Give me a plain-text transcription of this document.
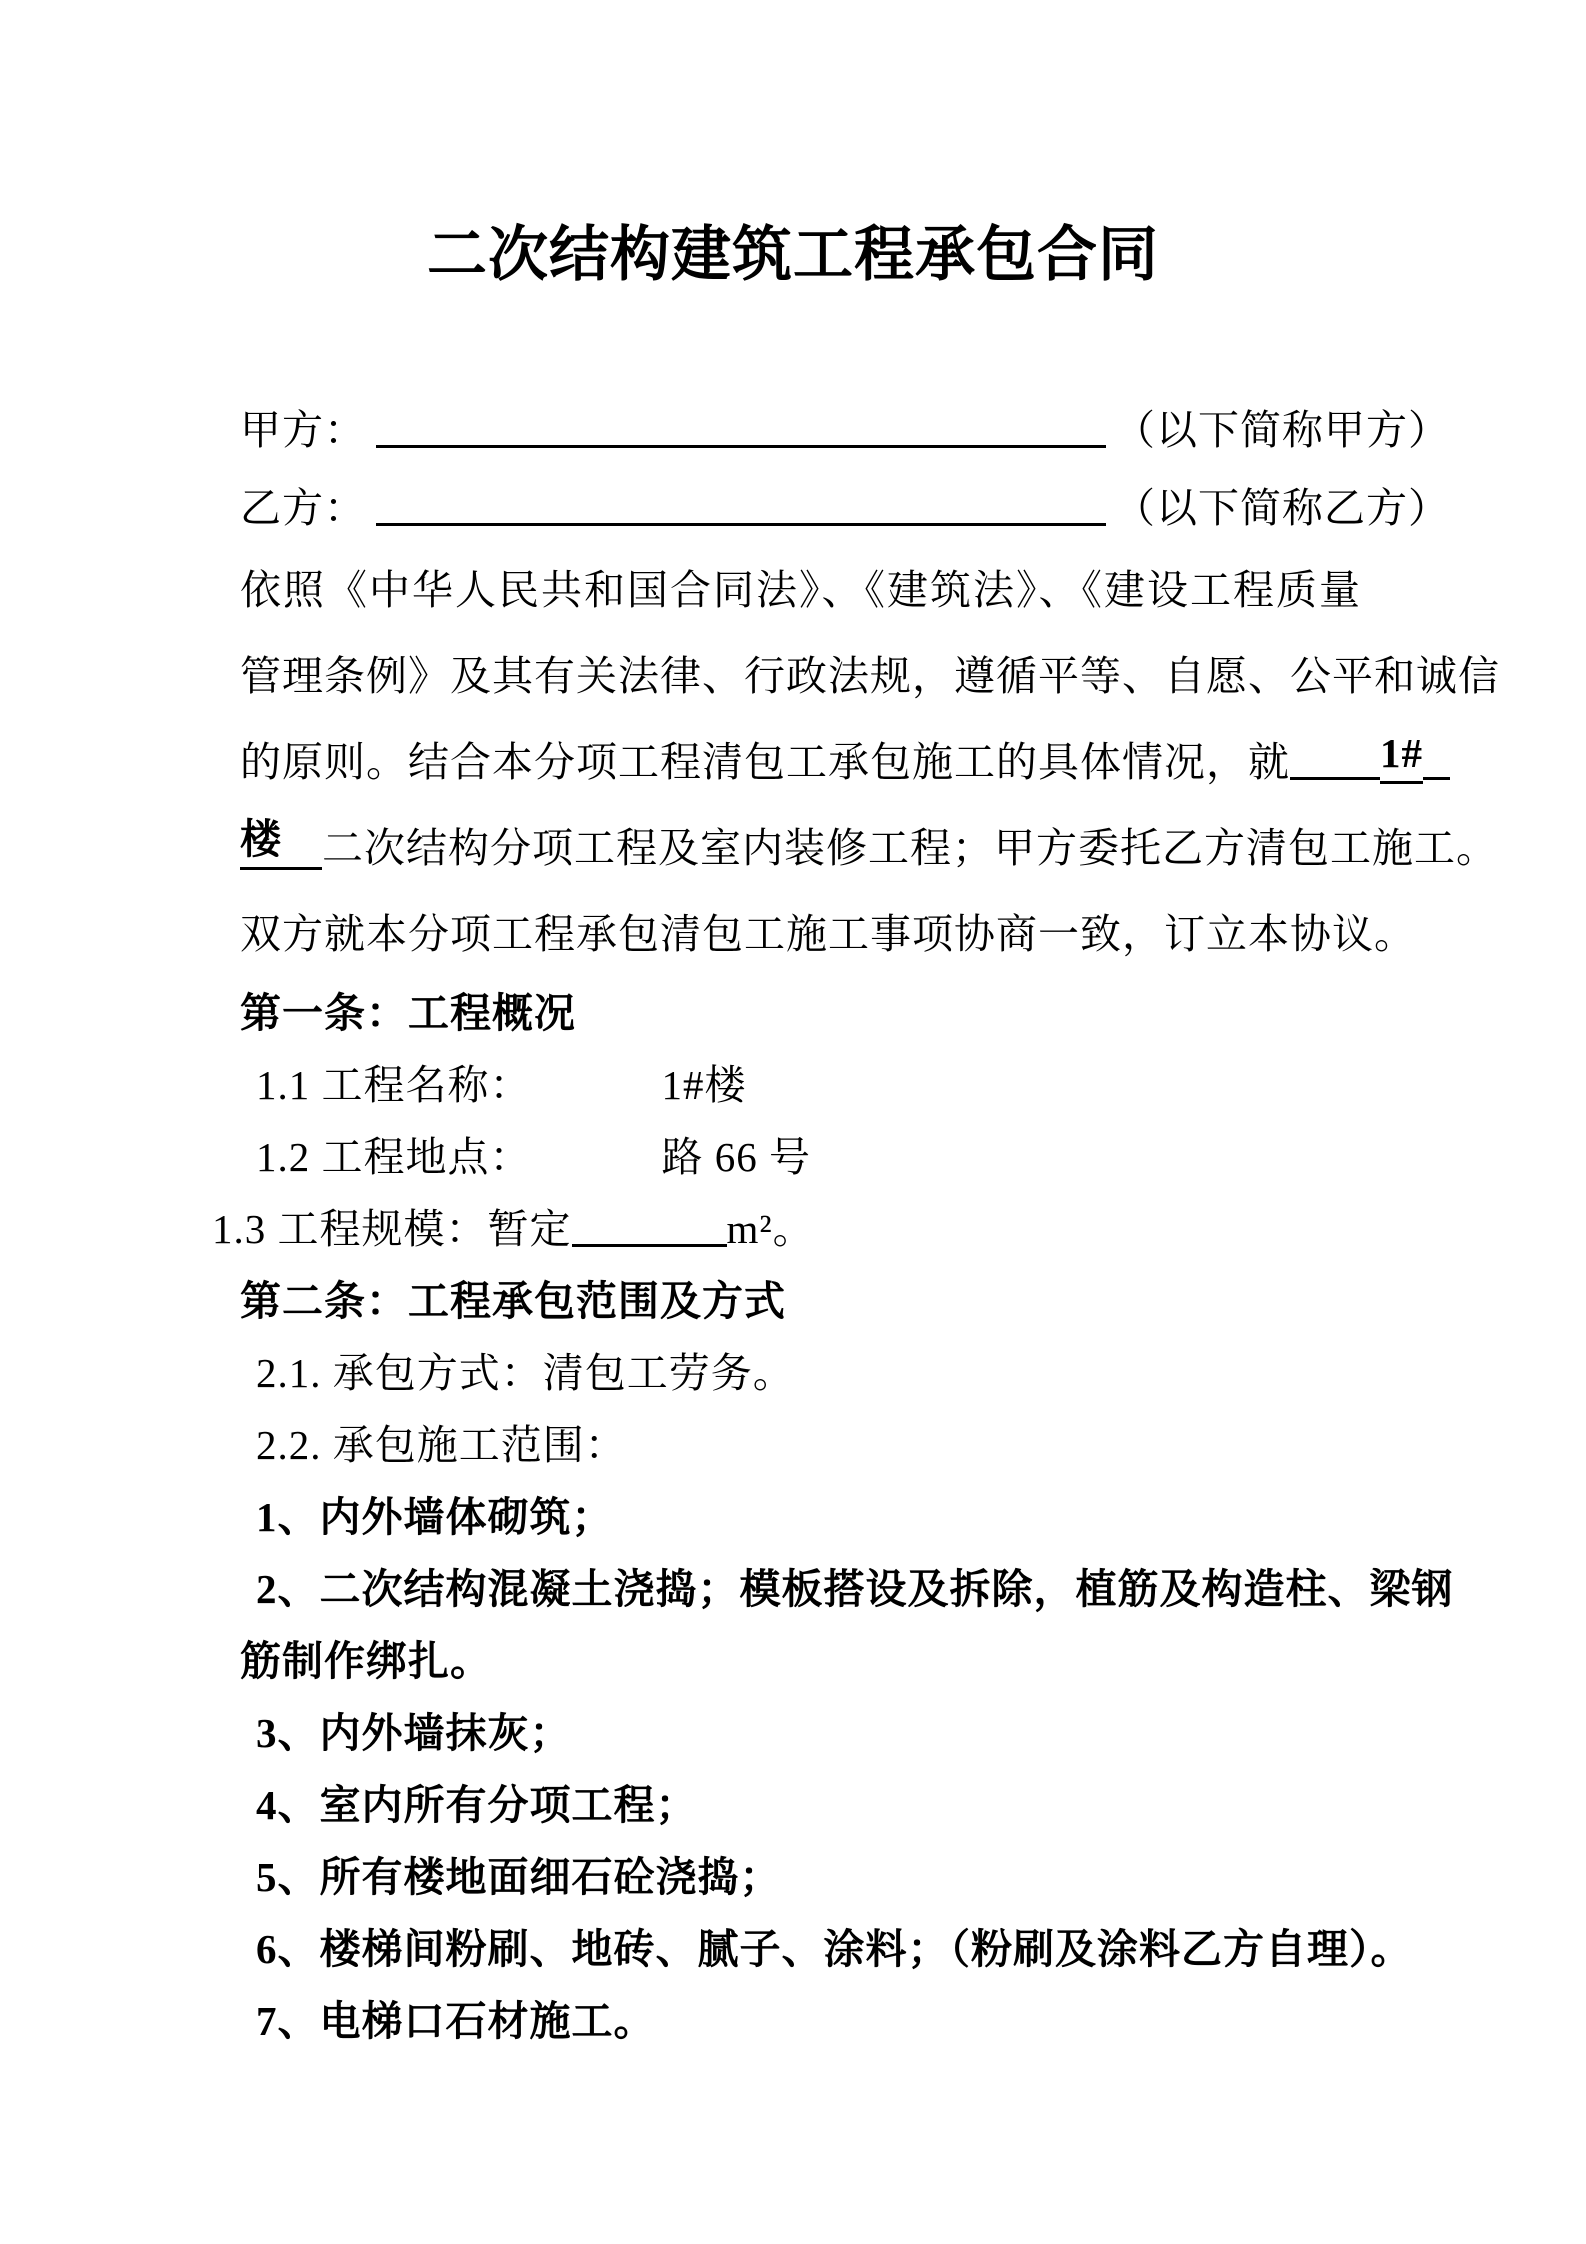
二次结构建筑工程承包合同
甲方：	（以下简称甲方）
乙方：	（以下简称乙方）
依照《中华人民共和国合同法》、《建筑法》、《建设工程质量
管理条例》及其有关法律、行政法规，遵循平等、自愿、公平和诚信
的原则。结合本分项工程清包工承包施工的具体情况，就 1#
楼 二次结构分项工程及室内装修工程；甲方委托乙方清包工施工。
双方就本分项工程承包清包工施工事项协商一致，订立本协议。
第一条：工程概况
1.1 工程名称：	1#楼
1.2 工程地点：	路 66 号
1.3 工程规模：暂定	m²。
第二条：工程承包范围及方式
2.1. 承包方式：清包工劳务。
2.2. 承包施工范围：
1、内外墙体砌筑；
2、二次结构混凝土浇捣；模板搭设及拆除，植筋及构造柱、梁钢
筋制作绑扎。
3、内外墙抹灰；
4、室内所有分项工程；
5、所有楼地面细石砼浇捣；
6、楼梯间粉刷、地砖、腻子、涂料；（粉刷及涂料乙方自理）。
7、电梯口石材施工。
